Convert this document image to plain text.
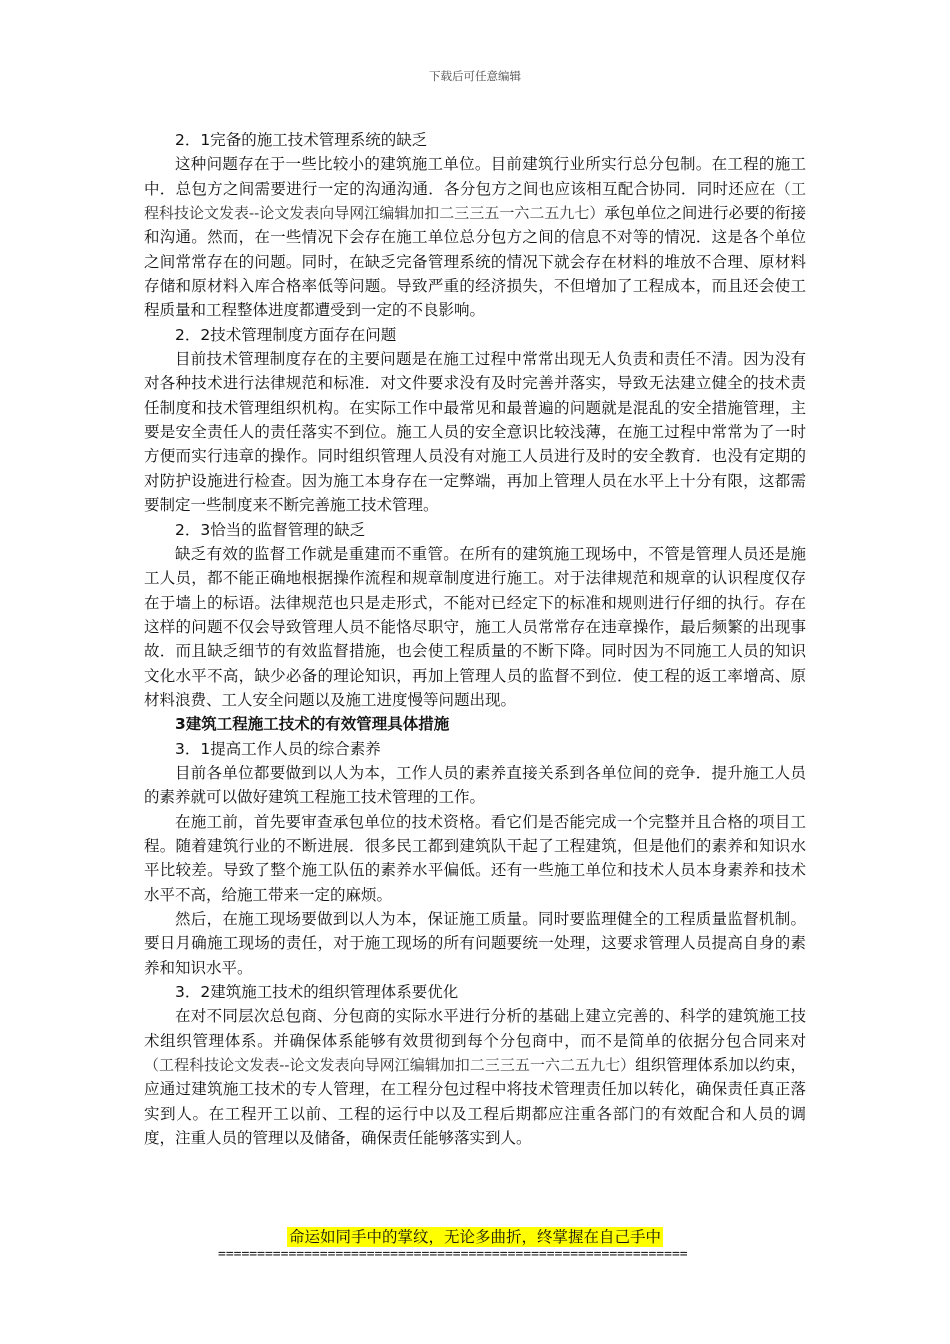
下载后可任意编辑

2．1完备的施工技术管理系统的缺乏

这种问题存在于一些比较小的建筑施工单位。目前建筑行业所实行总分包制。在工程的施工中．总包方之间需要进行一定的沟通沟通．各分包方之间也应该相互配合协同．同时还应在（工程科技论文发表--论文发表向导网江编辑加扣二三三五一六二五九七）承包单位之间进行必要的衔接和沟通。然而，在一些情况下会存在施工单位总分包方之间的信息不对等的情况．这是各个单位之间常常存在的问题。同时，在缺乏完备管理系统的情况下就会存在材料的堆放不合理、原材料存储和原材料入库合格率低等问题。导致严重的经济损失，不但增加了工程成本，而且还会使工程质量和工程整体进度都遭受到一定的不良影响。

2．2技术管理制度方面存在问题

目前技术管理制度存在的主要问题是在施工过程中常常出现无人负责和责任不清。因为没有对各种技术进行法律规范和标准．对文件要求没有及时完善并落实，导致无法建立健全的技术责任制度和技术管理组织机构。在实际工作中最常见和最普遍的问题就是混乱的安全措施管理，主要是安全责任人的责任落实不到位。施工人员的安全意识比较浅薄，在施工过程中常常为了一时方便而实行违章的操作。同时组织管理人员没有对施工人员进行及时的安全教育．也没有定期的对防护设施进行检查。因为施工本身存在一定弊端，再加上管理人员在水平上十分有限，这都需要制定一些制度来不断完善施工技术管理。

2．3恰当的监督管理的缺乏

缺乏有效的监督工作就是重建而不重管。在所有的建筑施工现场中，不管是管理人员还是施工人员，都不能正确地根据操作流程和规章制度进行施工。对于法律规范和规章的认识程度仅存在于墙上的标语。法律规范也只是走形式，不能对已经定下的标准和规则进行仔细的执行。存在这样的问题不仅会导致管理人员不能恪尽职守，施工人员常常存在违章操作，最后频繁的出现事故．而且缺乏细节的有效监督措施，也会使工程质量的不断下降。同时因为不同施工人员的知识文化水平不高，缺少必备的理论知识，再加上管理人员的监督不到位．使工程的返工率增高、原材料浪费、工人安全问题以及施工进度慢等问题出现。

3建筑工程施工技术的有效管理具体措施

3．1提高工作人员的综合素养

目前各单位都要做到以人为本，工作人员的素养直接关系到各单位间的竞争．提升施工人员的素养就可以做好建筑工程施工技术管理的工作。

在施工前，首先要审查承包单位的技术资格。看它们是否能完成一个完整并且合格的项目工程。随着建筑行业的不断进展．很多民工都到建筑队干起了工程建筑，但是他们的素养和知识水平比较差。导致了整个施工队伍的素养水平偏低。还有一些施工单位和技术人员本身素养和技术水平不高，给施工带来一定的麻烦。

然后，在施工现场要做到以人为本，保证施工质量。同时要监理健全的工程质量监督机制。要日月确施工现场的责任，对于施工现场的所有问题要统一处理，这要求管理人员提高自身的素养和知识水平。

3．2建筑施工技术的组织管理体系要优化

在对不同层次总包商、分包商的实际水平进行分析的基础上建立完善的、科学的建筑施工技术组织管理体系。并确保体系能够有效贯彻到每个分包商中，而不是简单的依据分包合同来对（工程科技论文发表--论文发表向导网江编辑加扣二三三五一六二五九七）组织管理体系加以约束，应通过建筑施工技术的专人管理，在工程分包过程中将技术管理责任加以转化，确保责任真正落实到人。在工程开工以前、工程的运行中以及工程后期都应注重各部门的有效配合和人员的调度，注重人员的管理以及储备，确保责任能够落实到人。

命运如同手中的掌纹，无论多曲折，终掌握在自己手中
============================================================
